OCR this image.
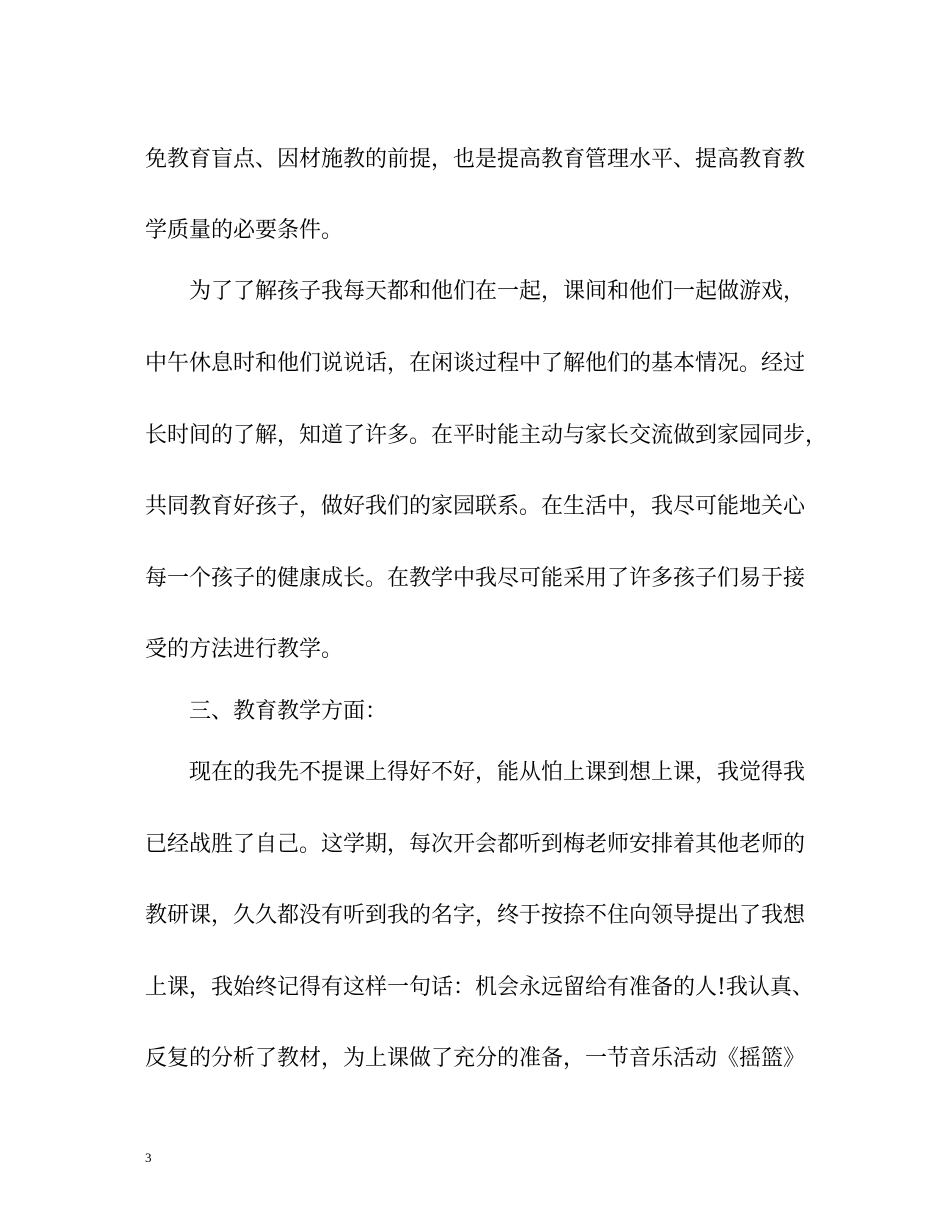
免教育盲点、因材施教的前提，也是提高教育管理水平、提高教育教
学质量的必要条件。
为了了解孩子我每天都和他们在一起，课间和他们一起做游戏，
中午休息时和他们说说话，在闲谈过程中了解他们的基本情况。经过
长时间的了解，知道了许多。在平时能主动与家长交流做到家园同步，
共同教育好孩子，做好我们的家园联系。在生活中，我尽可能地关心
每一个孩子的健康成长。在教学中我尽可能采用了许多孩子们易于接
受的方法进行教学。
三、教育教学方面：
现在的我先不提课上得好不好，能从怕上课到想上课，我觉得我
已经战胜了自己。这学期，每次开会都听到梅老师安排着其他老师的
教研课，久久都没有听到我的名字，终于按捺不住向领导提出了我想
上课，我始终记得有这样一句话：机会永远留给有准备的人!我认真、
反复的分析了教材，为上课做了充分的准备，一节音乐活动《摇篮》
3
